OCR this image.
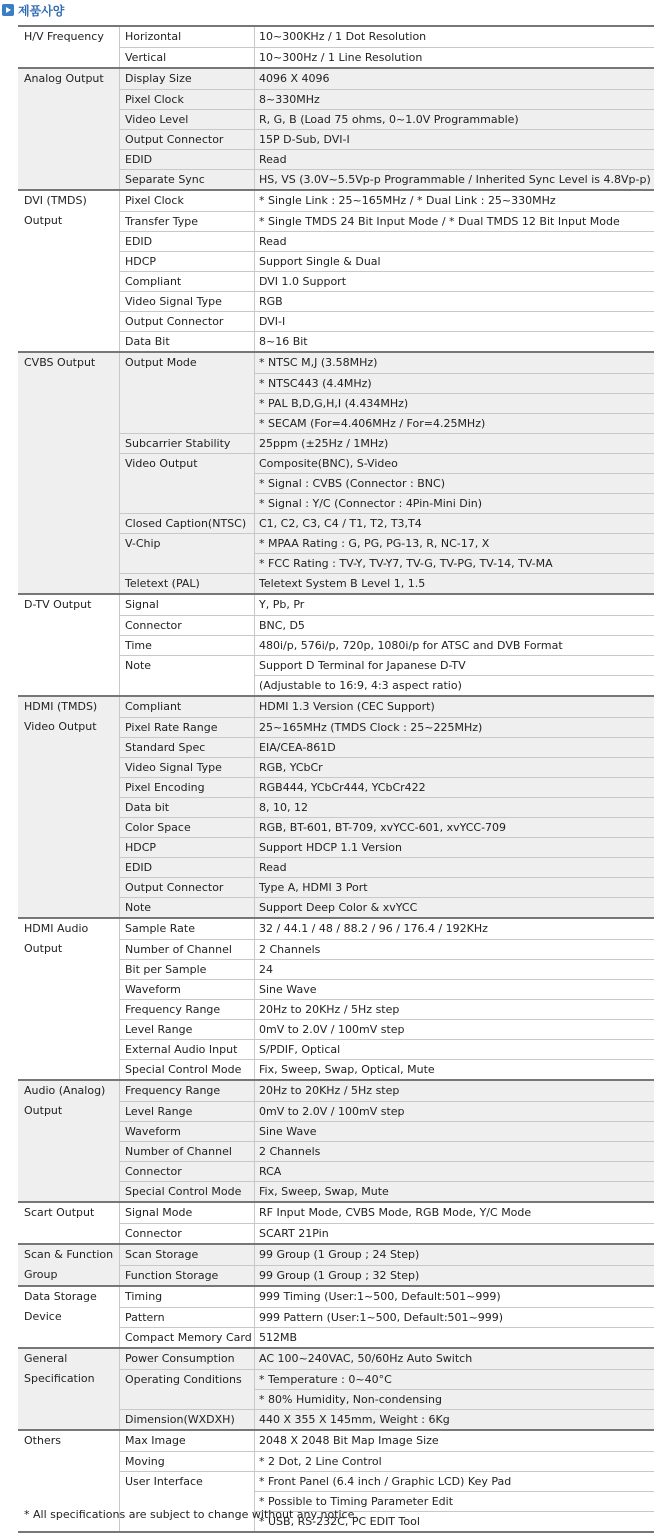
제품사양
H/V Frequency	Horizontal	10~300KHz / 1 Dot Resolution
Vertical	10~300Hz / 1 Line Resolution
Analog Output	Display Size	4096 X 4096
Pixel Clock	8~330MHz
Video Level	R, G, B (Load 75 ohms, 0~1.0V Programmable)
Output Connector	15P D-Sub, DVI-I
EDID	Read
Separate Sync	HS, VS (3.0V~5.5Vp-p Programmable / Inherited Sync Level is 4.8Vp-p)
DVI (TMDS)	Pixel Clock	* Single Link : 25~165MHz / * Dual Link : 25~330MHz
Output	Transfer Type	* Single TMDS 24 Bit Input Mode / * Dual TMDS 12 Bit Input Mode
EDID	Read
HDCP	Support Single & Dual
Compliant	DVI 1.0 Support
Video Signal Type	RGB
Output Connector	DVI-I
Data Bit	8~16 Bit
CVBS Output	Output Mode	* NTSC M,J (3.58MHz)
* NTSC443 (4.4MHz)
* PAL B,D,G,H,I (4.434MHz)
* SECAM (For=4.406MHz / For=4.25MHz)
Subcarrier Stability	25ppm (±25Hz / 1MHz)
Video Output	Composite(BNC), S-Video
* Signal : CVBS (Connector : BNC)
* Signal : Y/C (Connector : 4Pin-Mini Din)
Closed Caption(NTSC)	C1, C2, C3, C4 / T1, T2, T3,T4
V-Chip	* MPAA Rating : G, PG, PG-13, R, NC-17, X
* FCC Rating : TV-Y, TV-Y7, TV-G, TV-PG, TV-14, TV-MA
Teletext (PAL)	Teletext System B Level 1, 1.5
D-TV Output	Signal	Y, Pb, Pr
Connector	BNC, D5
Time	480i/p, 576i/p, 720p, 1080i/p for ATSC and DVB Format
Note	Support D Terminal for Japanese D-TV
(Adjustable to 16:9, 4:3 aspect ratio)
HDMI (TMDS)	Compliant	HDMI 1.3 Version (CEC Support)
Video Output	Pixel Rate Range	25~165MHz (TMDS Clock : 25~225MHz)
Standard Spec	EIA/CEA-861D
Video Signal Type	RGB, YCbCr
Pixel Encoding	RGB444, YCbCr444, YCbCr422
Data bit	8, 10, 12
Color Space	RGB, BT-601, BT-709, xvYCC-601, xvYCC-709
HDCP	Support HDCP 1.1 Version
EDID	Read
Output Connector	Type A, HDMI 3 Port
Note	Support Deep Color & xvYCC
HDMI Audio	Sample Rate	32 / 44.1 / 48 / 88.2 / 96 / 176.4 / 192KHz
Output	Number of Channel	2 Channels
Bit per Sample	24
Waveform	Sine Wave
Frequency Range	20Hz to 20KHz / 5Hz step
Level Range	0mV to 2.0V / 100mV step
External Audio Input	S/PDIF, Optical
Special Control Mode	Fix, Sweep, Swap, Optical, Mute
Audio (Analog)	Frequency Range	20Hz to 20KHz / 5Hz step
Output	Level Range	0mV to 2.0V / 100mV step
Waveform	Sine Wave
Number of Channel	2 Channels
Connector	RCA
Special Control Mode	Fix, Sweep, Swap, Mute
Scart Output	Signal Mode	RF Input Mode, CVBS Mode, RGB Mode, Y/C Mode
Connector	SCART 21Pin
Scan & Function	Scan Storage	99 Group (1 Group ; 24 Step)
Group	Function Storage	99 Group (1 Group ; 32 Step)
Data Storage	Timing	999 Timing (User:1~500, Default:501~999)
Device	Pattern	999 Pattern (User:1~500, Default:501~999)
Compact Memory Card 512MB
General	Power Consumption	AC 100~240VAC, 50/60Hz Auto Switch
Specification	Operating Conditions	* Temperature : 0~40°C
* 80% Humidity, Non-condensing
Dimension(WXDXH)	440 X 355 X 145mm, Weight : 6Kg
Others	Max Image	2048 X 2048 Bit Map Image Size
Moving	* 2 Dot, 2 Line Control
User Interface	* Front Panel (6.4 inch / Graphic LCD) Key Pad
* Possible to Timing Parameter Edit
* USB, RS-232C, PC EDIT Tool
* All specifications are subject to change without any notice.
